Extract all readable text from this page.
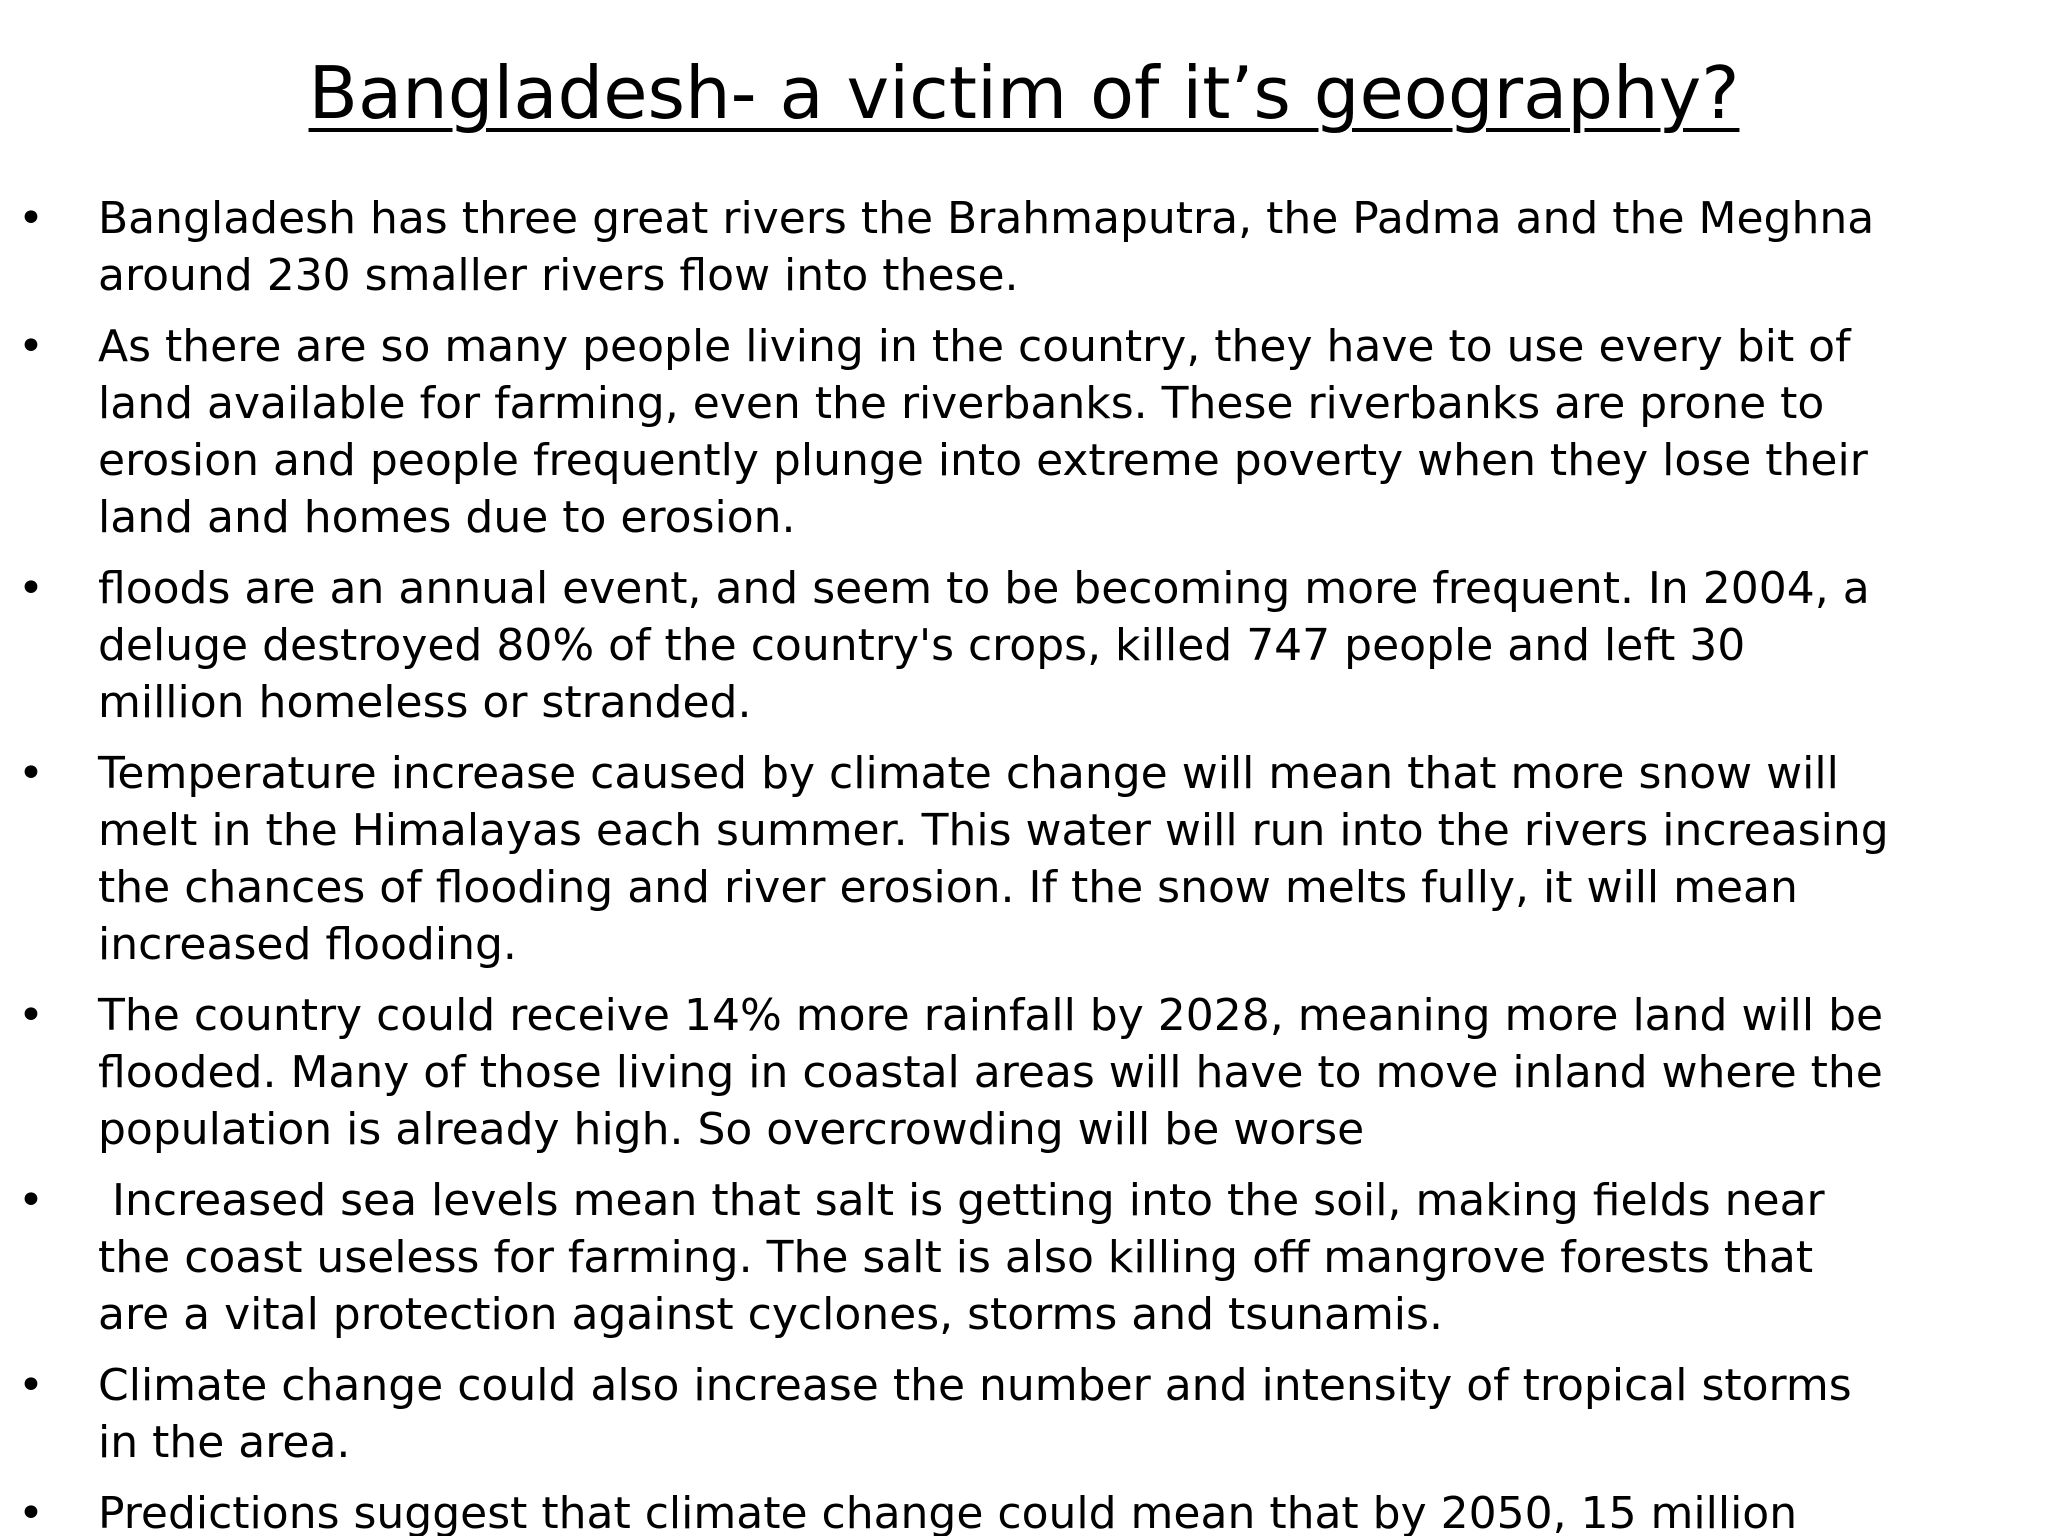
Bangladesh- a victim of it’s geography?
•	Bangladesh has three great rivers the Brahmaputra, the Padma and the Meghna
around 230 smaller rivers flow into these.
•	As there are so many people living in the country, they have to use every bit of
land available for farming, even the riverbanks. These riverbanks are prone to
erosion and people frequently plunge into extreme poverty when they lose their
land and homes due to erosion.
•	floods are an annual event, and seem to be becoming more frequent. In 2004, a
deluge destroyed 80% of the country's crops, killed 747 people and left 30
million homeless or stranded.
•	Temperature increase caused by climate change will mean that more snow will
melt in the Himalayas each summer. This water will run into the rivers increasing
the chances of flooding and river erosion. If the snow melts fully, it will mean
increased flooding.
•	The country could receive 14% more rainfall by 2028, meaning more land will be
flooded. Many of those living in coastal areas will have to move inland where the
population is already high. So overcrowding will be worse
•	Increased sea levels mean that salt is getting into the soil, making fields near
the coast useless for farming. The salt is also killing off mangrove forests that
are a vital protection against cyclones, storms and tsunamis.
•	Climate change could also increase the number and intensity of tropical storms
in the area.
•	Predictions suggest that climate change could mean that by 2050, 15 million
